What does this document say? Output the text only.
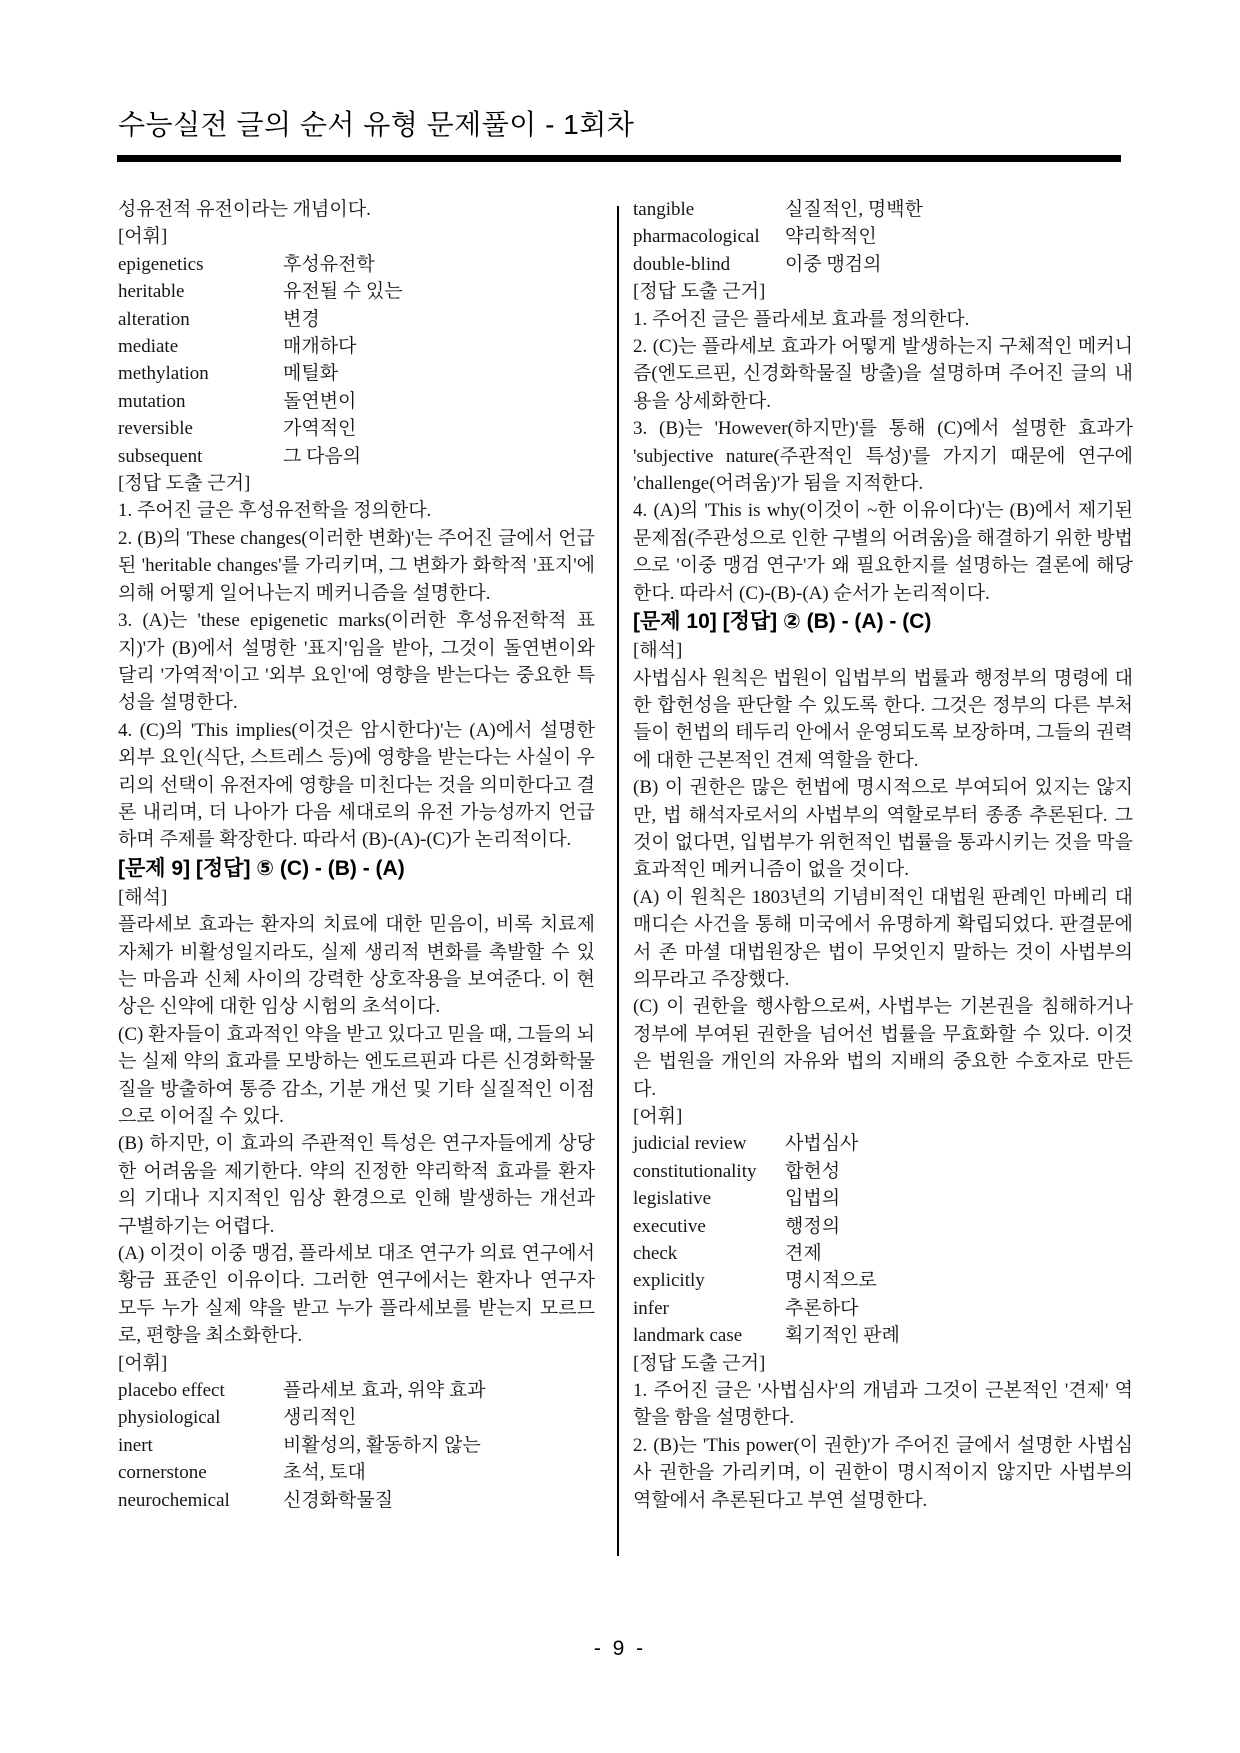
수능실전 글의 순서 유형 문제풀이 - 1회차

성유전적 유전이라는 개념이다.

[어휘]

epigenetics	후성유전학
heritable	유전될 수 있는
alteration	변경
mediate	매개하다
methylation	메틸화
mutation	돌연변이
reversible	가역적인
subsequent	그 다음의

[정답 도출 근거]

1. 주어진 글은 후성유전학을 정의한다.

2. (B)의 'These changes(이러한 변화)'는 주어진 글에서 언급된 'heritable changes'를 가리키며, 그 변화가 화학적 '표지'에 의해 어떻게 일어나는지 메커니즘을 설명한다.

3. (A)는 'these epigenetic marks(이러한 후성유전학적 표지)'가 (B)에서 설명한 '표지'임을 받아, 그것이 돌연변이와 달리 '가역적'이고 '외부 요인'에 영향을 받는다는 중요한 특성을 설명한다.

4. (C)의 'This implies(이것은 암시한다)'는 (A)에서 설명한 외부 요인(식단, 스트레스 등)에 영향을 받는다는 사실이 우리의 선택이 유전자에 영향을 미친다는 것을 의미한다고 결론 내리며, 더 나아가 다음 세대로의 유전 가능성까지 언급하며 주제를 확장한다. 따라서 (B)-(A)-(C)가 논리적이다.

[문제 9] [정답] ⑤ (C) - (B) - (A)

[해석]

플라세보 효과는 환자의 치료에 대한 믿음이, 비록 치료제 자체가 비활성일지라도, 실제 생리적 변화를 촉발할 수 있는 마음과 신체 사이의 강력한 상호작용을 보여준다. 이 현상은 신약에 대한 임상 시험의 초석이다.

(C) 환자들이 효과적인 약을 받고 있다고 믿을 때, 그들의 뇌는 실제 약의 효과를 모방하는 엔도르핀과 다른 신경화학물질을 방출하여 통증 감소, 기분 개선 및 기타 실질적인 이점으로 이어질 수 있다.

(B) 하지만, 이 효과의 주관적인 특성은 연구자들에게 상당한 어려움을 제기한다. 약의 진정한 약리학적 효과를 환자의 기대나 지지적인 임상 환경으로 인해 발생하는 개선과 구별하기는 어렵다.

(A) 이것이 이중 맹검, 플라세보 대조 연구가 의료 연구에서 황금 표준인 이유이다. 그러한 연구에서는 환자나 연구자 모두 누가 실제 약을 받고 누가 플라세보를 받는지 모르므로, 편향을 최소화한다.

[어휘]

placebo effect	플라세보 효과, 위약 효과
physiological	생리적인
inert	비활성의, 활동하지 않는
cornerstone	초석, 토대
neurochemical	신경화학물질
tangible	실질적인, 명백한
pharmacological	약리학적인
double-blind	이중 맹검의

[정답 도출 근거]

1. 주어진 글은 플라세보 효과를 정의한다.

2. (C)는 플라세보 효과가 어떻게 발생하는지 구체적인 메커니즘(엔도르핀, 신경화학물질 방출)을 설명하며 주어진 글의 내용을 상세화한다.

3. (B)는 'However(하지만)'를 통해 (C)에서 설명한 효과가 'subjective nature(주관적인 특성)'를 가지기 때문에 연구에 'challenge(어려움)'가 됨을 지적한다.

4. (A)의 'This is why(이것이 ~한 이유이다)'는 (B)에서 제기된 문제점(주관성으로 인한 구별의 어려움)을 해결하기 위한 방법으로 '이중 맹검 연구'가 왜 필요한지를 설명하는 결론에 해당한다. 따라서 (C)-(B)-(A) 순서가 논리적이다.

[문제 10] [정답] ② (B) - (A) - (C)

[해석]

사법심사 원칙은 법원이 입법부의 법률과 행정부의 명령에 대한 합헌성을 판단할 수 있도록 한다. 그것은 정부의 다른 부처들이 헌법의 테두리 안에서 운영되도록 보장하며, 그들의 권력에 대한 근본적인 견제 역할을 한다.

(B) 이 권한은 많은 헌법에 명시적으로 부여되어 있지는 않지만, 법 해석자로서의 사법부의 역할로부터 종종 추론된다. 그것이 없다면, 입법부가 위헌적인 법률을 통과시키는 것을 막을 효과적인 메커니즘이 없을 것이다.

(A) 이 원칙은 1803년의 기념비적인 대법원 판례인 마베리 대 매디슨 사건을 통해 미국에서 유명하게 확립되었다. 판결문에서 존 마셜 대법원장은 법이 무엇인지 말하는 것이 사법부의 의무라고 주장했다.

(C) 이 권한을 행사함으로써, 사법부는 기본권을 침해하거나 정부에 부여된 권한을 넘어선 법률을 무효화할 수 있다. 이것은 법원을 개인의 자유와 법의 지배의 중요한 수호자로 만든다.

[어휘]

judicial review	사법심사
constitutionality	합헌성
legislative	입법의
executive	행정의
check	견제
explicitly	명시적으로
infer	추론하다
landmark case	획기적인 판례

[정답 도출 근거]

1. 주어진 글은 '사법심사'의 개념과 그것이 근본적인 '견제' 역할을 함을 설명한다.

2. (B)는 'This power(이 권한)'가 주어진 글에서 설명한 사법심사 권한을 가리키며, 이 권한이 명시적이지 않지만 사법부의 역할에서 추론된다고 부연 설명한다.

- 9 -
